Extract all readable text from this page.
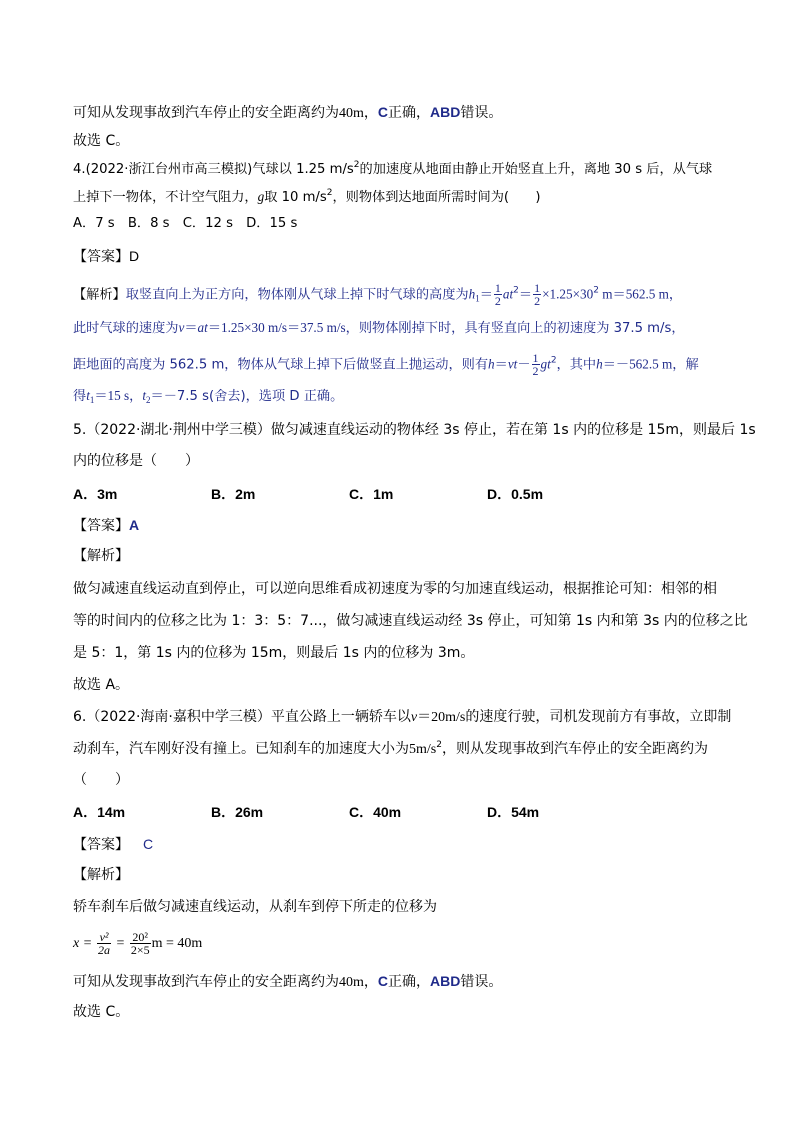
可知从发现事故到汽车停止的安全距离约为40m，C正确，ABD错误。
故选 C。
4.(2022·浙江台州市高三模拟)气球以 1.25 $m/s^2$的加速度从地面由静止开始竖直上升，离地 30 s 后，从气球
上掉下一物体，不计空气阻力，g取 10 $m/s^2$，则物体到达地面所需时间为(　　)
A．7 s　B．8 s　C．12 s　D．15 s
【答案】D
【解析】取竖直向上为正方向，物体刚从气球上掉下时气球的高度为$h_1= \frac{1}{2} at^2= \frac{1}{2} \times 1.25\times 30^2$ m＝562.5 m，
此时气球的速度为v＝at＝1.25×30 m/s＝37.5 m/s，则物体刚掉下时，具有竖直向上的初速度为 37.5 m/s，
距地面的高度为 562.5 m，物体从气球上掉下后做竖直上抛运动，则有$h=vt- \frac{1}{2} gt^2$，其中h＝－562.5 m，解
得$t_1=15$ s，$t_2=-7.5$ s(舍去)，选项 D 正确。
5.（2022·湖北·荆州中学三模）做匀减速直线运动的物体经 3s 停止，若在第 1s 内的位移是 15m，则最后 1s
内的位移是（　　）
A．3m	B．2m	C．1m	D．0.5m
【答案】A
【解析】
做匀减速直线运动直到停止，可以逆向思维看成初速度为零的匀加速直线运动，根据推论可知：相邻的相
等的时间内的位移之比为 1：3：5：7...，做匀减速直线运动经 3s 停止，可知第 1s 内和第 3s 内的位移之比
是 5：1，第 1s 内的位移为 15m，则最后 1s 内的位移为 3m。
故选 A。
6.（2022·海南·嘉积中学三模）平直公路上一辆轿车以v＝20m/s的速度行驶，司机发现前方有事故，立即制
动刹车，汽车刚好没有撞上。已知刹车的加速度大小为$5m/s^2$，则从发现事故到汽车停止的安全距离约为
（　　）
A．14m	B．26m	C．40m	D．54m
【答案】 C
【解析】
轿车刹车后做匀减速直线运动，从刹车到停下所走的位移为
$x = \frac{\text{v²}}{2a} = \frac{\text{20²}}{2\times 5}$ m = 40m
可知从发现事故到汽车停止的安全距离约为40m，C正确，ABD错误。
故选 C。
